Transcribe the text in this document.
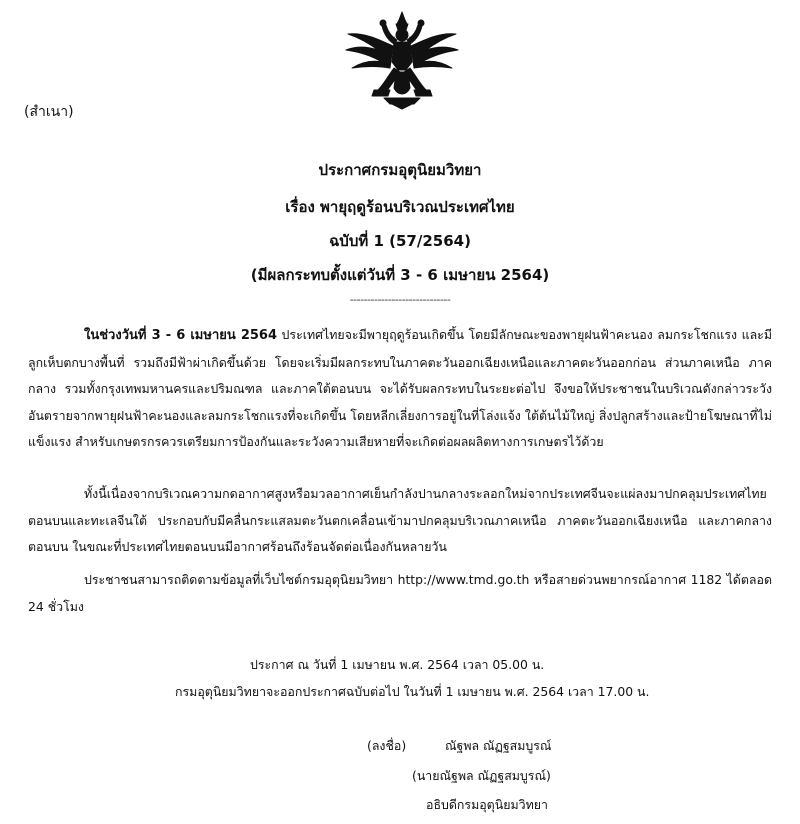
(สำเนา)
ประกาศกรมอุตุนิยมวิทยา
เรื่อง พายุฤดูร้อนบริเวณประเทศไทย
ฉบับที่ 1 (57/2564)
(มีผลกระทบตั้งแต่วันที่ 3 - 6 เมษายน 2564)
-----------------------------

ในช่วงวันที่ 3 - 6 เมษายน 2564 ประเทศไทยจะมีพายุฤดูร้อนเกิดขึ้น โดยมีลักษณะของพายุฝนฟ้าคะนอง ลมกระโชกแรง และมีลูกเห็บตกบางพื้นที่ รวมถึงมีฟ้าผ่าเกิดขึ้นด้วย โดยจะเริ่มมีผลกระทบในภาคตะวันออกเฉียงเหนือและภาคตะวันออกก่อน ส่วนภาคเหนือ ภาคกลาง รวมทั้งกรุงเทพมหานครและปริมณฑล และภาคใต้ตอนบน จะได้รับผลกระทบในระยะต่อไป จึงขอให้ประชาชนในบริเวณดังกล่าวระวังอันตรายจากพายุฝนฟ้าคะนองและลมกระโชกแรงที่จะเกิดขึ้น โดยหลีกเลี่ยงการอยู่ในที่โล่งแจ้ง ใต้ต้นไม้ใหญ่ สิ่งปลูกสร้างและป้ายโฆษณาที่ไม่แข็งแรง สำหรับเกษตรกรควรเตรียมการป้องกันและระวังความเสียหายที่จะเกิดต่อผลผลิตทางการเกษตรไว้ด้วย

ทั้งนี้เนื่องจากบริเวณความกดอากาศสูงหรือมวลอากาศเย็นกำลังปานกลางระลอกใหม่จากประเทศจีนจะแผ่ลงมาปกคลุมประเทศไทยตอนบนและทะเลจีนใต้ ประกอบกับมีคลื่นกระแสลมตะวันตกเคลื่อนเข้ามาปกคลุมบริเวณภาคเหนือ ภาคตะวันออกเฉียงเหนือ และภาคกลางตอนบน ในขณะที่ประเทศไทยตอนบนมีอากาศร้อนถึงร้อนจัดต่อเนื่องกันหลายวัน

ประชาชนสามารถติดตามข้อมูลที่เว็บไซต์กรมอุตุนิยมวิทยา http://www.tmd.go.th หรือสายด่วนพยากรณ์อากาศ 1182 ได้ตลอด 24 ชั่วโมง

ประกาศ ณ วันที่ 1 เมษายน พ.ศ. 2564 เวลา 05.00 น.
กรมอุตุนิยมวิทยาจะออกประกาศฉบับต่อไป ในวันที่ 1 เมษายน พ.ศ. 2564 เวลา 17.00 น.
(ลงชื่อ)	ณัฐพล ณัฏฐสมบูรณ์
(นายณัฐพล ณัฏฐสมบูรณ์)
อธิบดีกรมอุตุนิยมวิทยา
